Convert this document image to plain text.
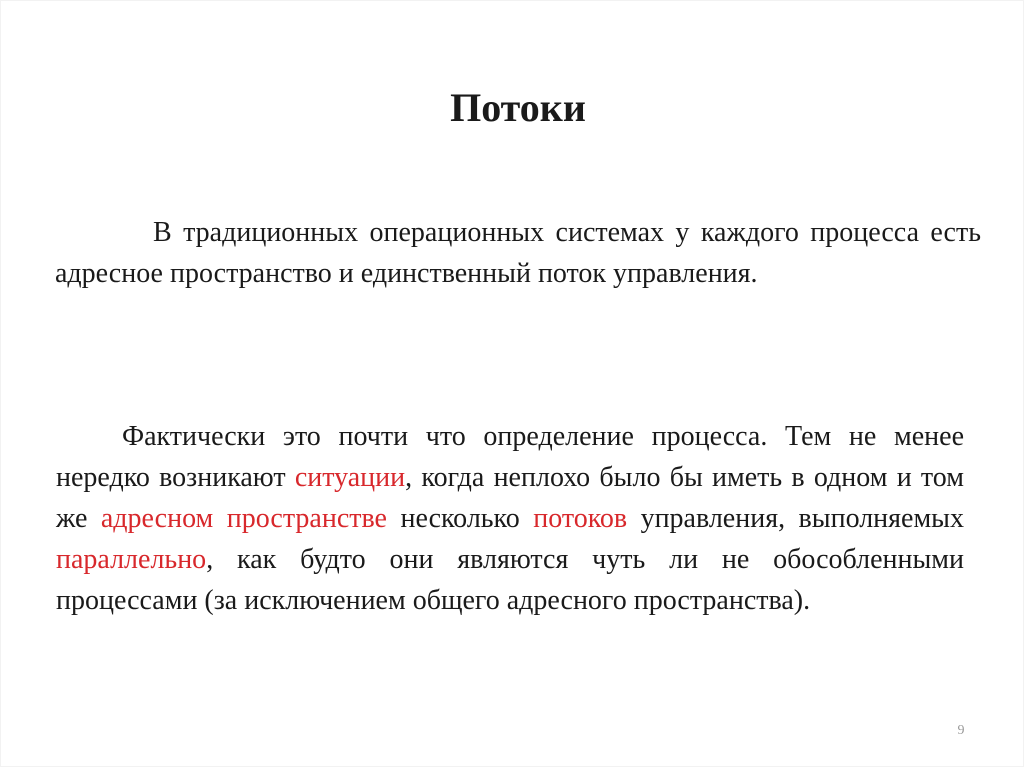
Потоки

В традиционных операционных системах у каждого процесса есть адресное пространство и единственный поток управления.

Фактически это почти что определение процесса. Тем не менее нередко возникают ситуации, когда неплохо было бы иметь в одном и том же адресном пространстве несколько потоков управления, выполняемых параллельно, как будто они являются чуть ли не обособленными процессами (за исключением общего адресного пространства).

9
